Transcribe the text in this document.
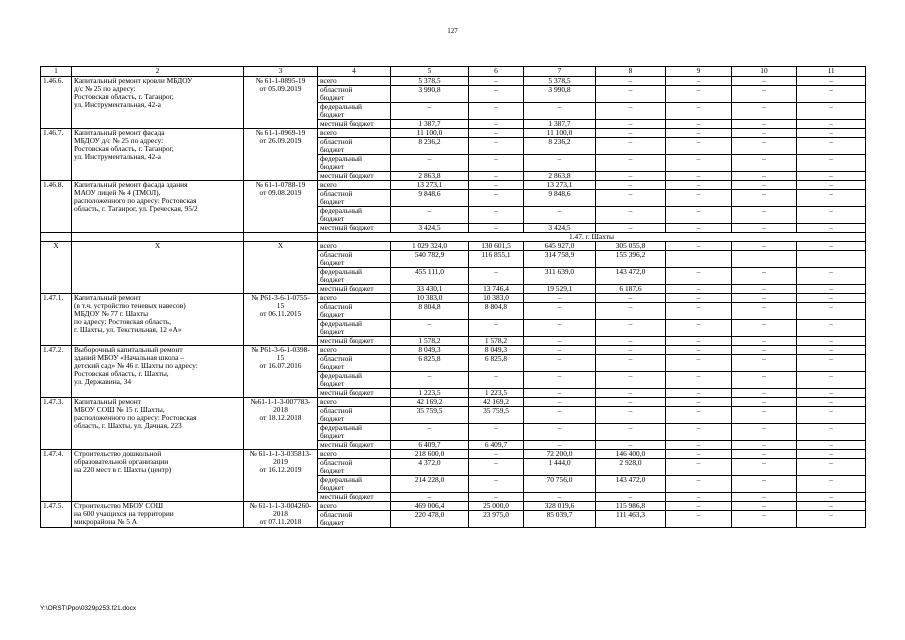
127
1	2	3	4	5	6	7	8	9	10	11
1.46.6.	Капитальный ремонт кровли МБДОУ
д/с № 25 по адресу:
Ростовская область, г. Таганрог,
ул. Инструментальная, 42-а	№ 61-1-0895-19
от 05.09.2019	всего	5 378,5	–	5 378,5	–	–	–	–
			областной
бюджет	3 990,8	–	3 990,8	–	–	–	–
			федеральный
бюджет	–	–	–	–	–	–	–
			местный бюджет	1 387,7	–	1 387,7	–	–	–	–
1.46.7.	Капитальный ремонт фасада
МБДОУ д/с № 25 по адресу:
Ростовская область, г. Таганрог,
ул. Инструментальная, 42-а	№ 61-1-0969-19
от 26.09.2019	всего	11 100,0	–	11 100,0	–	–	–	–
			областной
бюджет	8 236,2	–	8 236,2	–	–	–	–
			федеральный
бюджет	–	–	–	–	–	–	–
			местный бюджет	2 863,8	–	2 863,8	–	–	–	–
1.46.8.	Капитальный ремонт фасада здания
МАОУ лицей № 4 (ТМОЛ),
расположенного по адресу: Ростовская
область, г. Таганрог, ул. Греческая, 95/2	№ 61-1-0788-19
от 09.08.2019	всего	13 273,1	–	13 273,1	–	–	–	–
			областной
бюджет	9 848,6	–	9 848,6	–	–	–	–
			федеральный
бюджет	–	–	–	–	–	–	–
			местный бюджет	3 424,5	–	3 424,5	–	–	–	–
			1.47. г. Шахты							
Х	Х	Х	всего	1 029 324,0	130 601,5	645 927,0	305 055,8	–	–	–
			областной
бюджет	540 782,9	116 855,1	314 758,9	155 396,2			
			федеральный
бюджет	455 111,0	–	311 639,0	143 472,0	–	–	–
			местный бюджет	33 430,1	13 746,4	19 529,1	6 187,6	–	–	–
1.47.1.	Капитальный ремонт
(в т.ч. устройство теневых навесов)
МБДОУ № 77 г. Шахты
по адресу: Ростовская область,
г. Шахты, ул. Текстильная, 12 «А»	№ Р61-3-6-1-0755-
15
от 06.11.2015	всего	10 383,0	10 383,0	–	–	–	–	–
			областной
бюджет	8 804,8	8 804,8	–	–	–	–	–
			федеральный
бюджет	–	–	–	–	–	–	–
			местный бюджет	1 578,2	1 578,2	–	–	–	–	–
1.47.2.	Выборочный капитальный ремонт
зданий МБОУ «Начальная школа –
детский сад» № 46 г. Шахты по адресу:
Ростовская область, г. Шахты,
ул. Державина, 34	№ Р61-3-6-1-0398-
15
от 16.07.2016	всего	8 049,3	8 049,3	–	–	–	–	–
			областной
бюджет	6 825,8	6 825,8	–	–	–	–	–
			федеральный
бюджет	–	–	–	–	–	–	–
			местный бюджет	1 223,5	1 223,5	–	–	–	–	–
1.47.3.	Капитальный ремонт
МБОУ СОШ № 15 г. Шахты,
расположенного по адресу: Ростовская
область, г. Шахты, ул. Дачная, 223	№61-1-1-3-007783-
2018
от 18.12.2018	всего	42 169,2	42 169,2	–	–	–	–	–
			областной
бюджет	35 759,5	35 759,5	–	–	–	–	–
			федеральный
бюджет	–	–	–	–	–	–	–
			местный бюджет	6 409,7	6 409,7	–	–	–	–	–
1.47.4.	Строительство дошкольной
образовательной организации
на 220 мест в г. Шахты (центр)	№ 61-1-1-3-035813-
2019
от 16.12.2019	всего	218 600,0	–	72 200,0	146 400,0	–	–	–
			областной
бюджет	4 372,0	–	1 444,0	2 928,0	–	–	–
			федеральный
бюджет	214 228,0	–	70 756,0	143 472,0	–	–	–
			местный бюджет	–	–	–	–	–	–	–
1.47.5.	Строительство МБОУ СОШ
на 600 учащихся на территории
микрорайона № 5 А	№ 61-1-1-3-004260-
2018
от 07.11.2018	всего	469 006,4	25 000,0	328 019,6	115 986,8	–	–	–
			областной
бюджет	220 478,0	23 975,0	85 039,7	111 463,3	–	–	–
Y:\ORST\Ppo\0329p253.f21.docx
